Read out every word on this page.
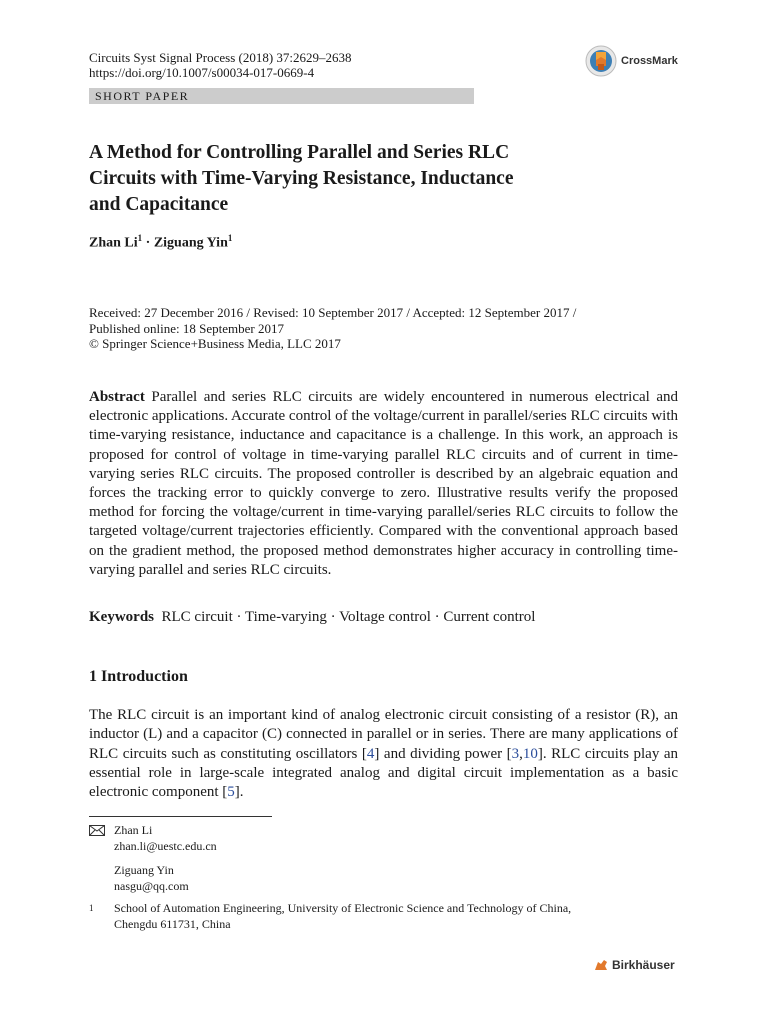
Circuits Syst Signal Process (2018) 37:2629–2638
https://doi.org/10.1007/s00034-017-0669-4
CrossMark
SHORT PAPER
A Method for Controlling Parallel and Series RLC
Circuits with Time-Varying Resistance, Inductance
and Capacitance
Zhan $Li^1$ · Ziguang Yin$^1$
Received: 27 December 2016 / Revised: 10 September 2017 / Accepted: 12 September 2017 /
Published online: 18 September 2017
© Springer Science+Business Media, LLC 2017
Abstract Parallel and series RLC circuits are widely encountered in numerous electrical and electronic applications. Accurate control of the voltage/current in parallel/series RLC circuits with time-varying resistance, inductance and capacitance is a challenge. In this work, an approach is proposed for control of voltage in time-varying parallel RLC circuits and of current in time-varying series RLC circuits. The proposed controller is described by an algebraic equation and forces the tracking error to quickly converge to zero. Illustrative results verify the proposed method for forcing the voltage/current in time-varying parallel/series RLC circuits to follow the targeted voltage/current trajectories efficiently. Compared with the conventional approach based on the gradient method, the proposed method demonstrates higher accuracy in controlling time-varying parallel and series RLC circuits.
Keywords RLC circuit · Time-varying · Voltage control · Current control
1 Introduction
The RLC circuit is an important kind of analog electronic circuit consisting of a resistor (R), an inductor (L) and a capacitor (C) connected in parallel or in series. There are many applications of RLC circuits such as constituting oscillators [4] and dividing power [3,10]. RLC circuits play an essential role in large-scale integrated analog and digital circuit implementation as a basic electronic component [5].
Zhan Li
zhan.li@uestc.edu.cn
Ziguang Yin
nasgu@qq.com
1 School of Automation Engineering, University of Electronic Science and Technology of China,
Chengdu 611731, China
Birkhäuser
